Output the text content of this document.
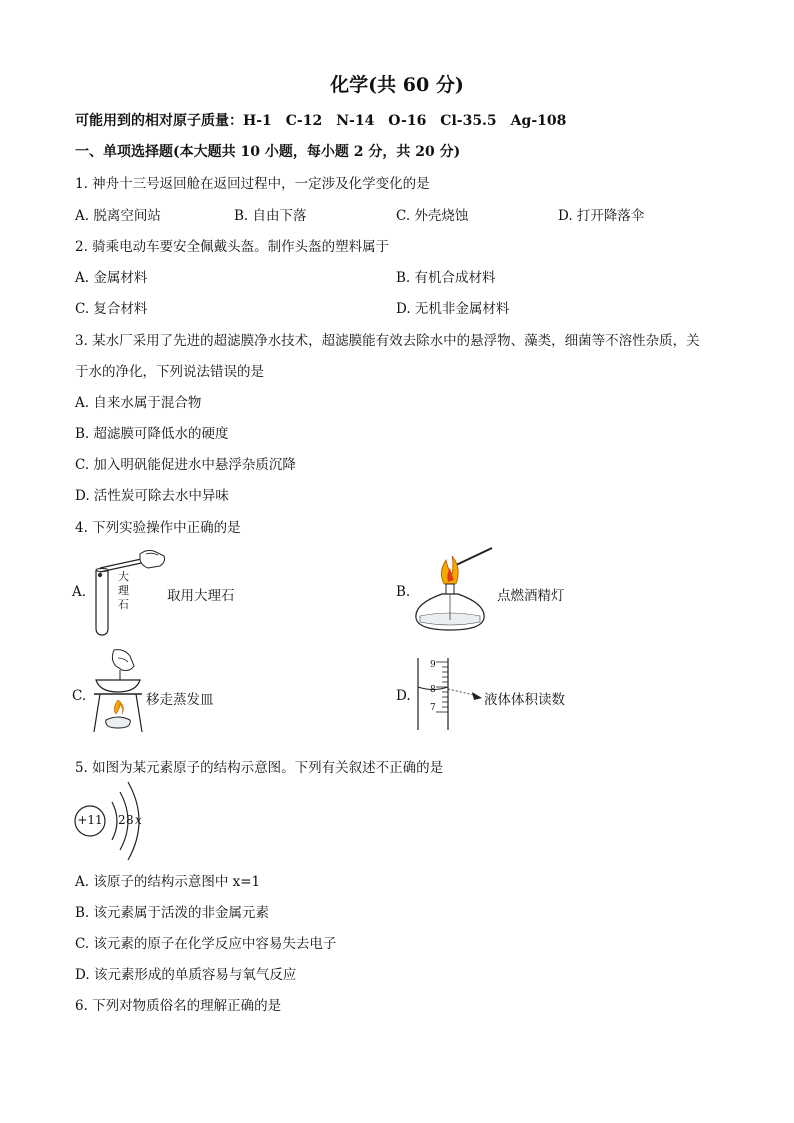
化学(共 60 分)
可能用到的相对原子质量：H-1　C-12　N-14　O-16　Cl-35.5　Ag-108
一、单项选择题(本大题共 10 小题，每小题 2 分，共 20 分)
1. 神舟十三号返回舱在返回过程中，一定涉及化学变化的是
A. 脱离空间站	B. 自由下落	C. 外壳烧蚀	D. 打开降落伞
2. 骑乘电动车要安全佩戴头盔。制作头盔的塑料属于
A. 金属材料	B. 有机合成材料
C. 复合材料	D. 无机非金属材料
3. 某水厂采用了先进的超滤膜净水技术，超滤膜能有效去除水中的悬浮物、藻类，细菌等不溶性杂质，关
于水的净化，下列说法错误的是
A. 自来水属于混合物
B. 超滤膜可降低水的硬度
C. 加入明矾能促进水中悬浮杂质沉降
D. 活性炭可除去水中异味
4. 下列实验操作中正确的是
A.
大理石
取用大理石	B.	点燃酒精灯
C.	移走蒸发皿	D.
9
8
7	液体体积读数
5. 如图为某元素原子的结构示意图。下列有关叙述不正确的是
+11 2 8 x
A. 该原子的结构示意图中 x=1
B. 该元素属于活泼的非金属元素
C. 该元素的原子在化学反应中容易失去电子
D. 该元素形成的单质容易与氧气反应
6. 下列对物质俗名的理解正确的是
